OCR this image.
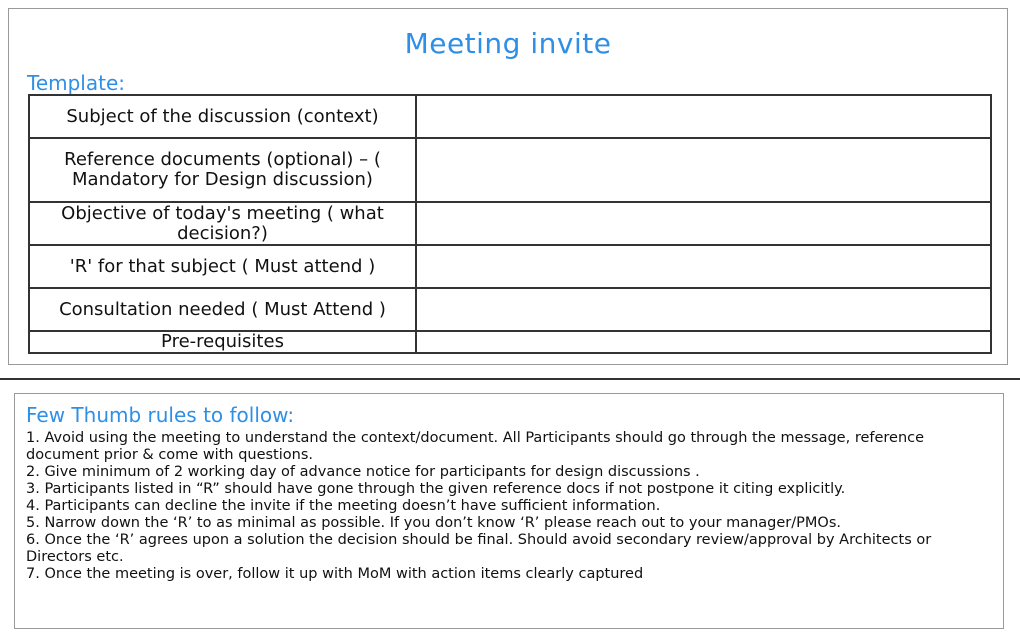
Meeting invite
Template:
Subject of the discussion (context)	
Reference documents (optional) – ( Mandatory for Design discussion)	
Objective of today's meeting ( what decision?)	
'R' for that subject ( Must attend )	
Consultation needed ( Must Attend )	
Pre-requisites	
Few Thumb rules to follow:
1. Avoid using the meeting to understand the context/document. All Participants should go through the message, reference document prior & come with questions.
2. Give minimum of 2 working day of advance notice for participants for design discussions .
3. Participants listed in “R” should have gone through the given reference docs if not postpone it citing explicitly.
4. Participants can decline the invite if the meeting doesn’t have sufficient information.
5. Narrow down the ‘R’ to as minimal as possible. If you don’t know ‘R’ please reach out to your manager/PMOs.
6. Once the ‘R’ agrees upon a solution the decision should be final. Should avoid secondary review/approval by Architects or Directors etc.
7. Once the meeting is over, follow it up with MoM with action items clearly captured
